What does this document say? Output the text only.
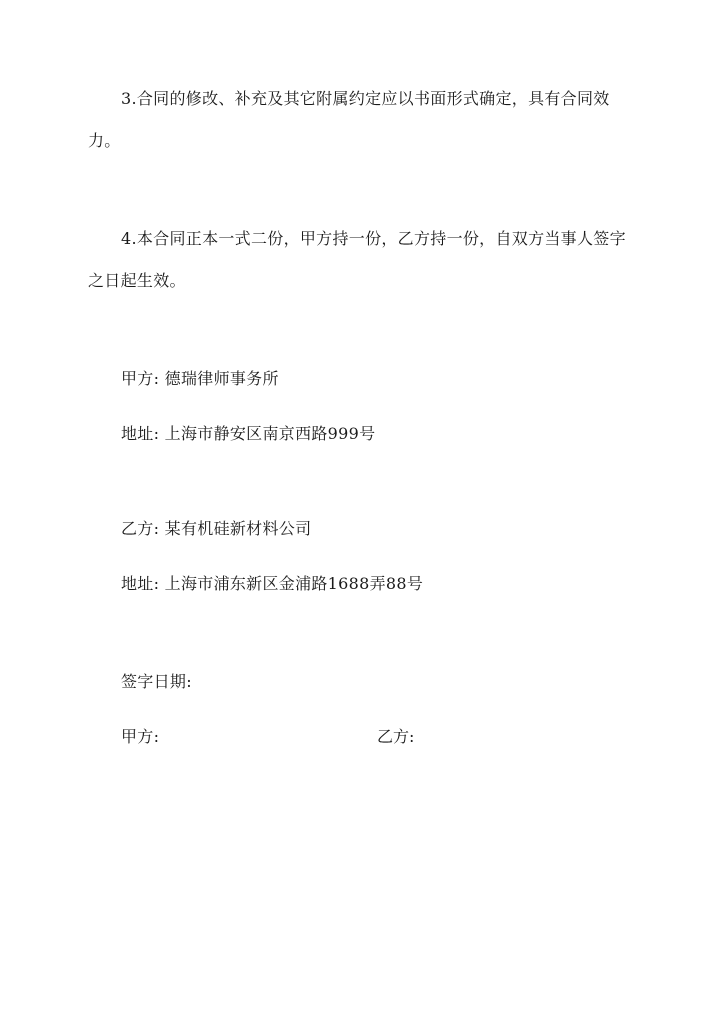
3.合同的修改、补充及其它附属约定应以书面形式确定，具有合同效力。

4.本合同正本一式二份，甲方持一份，乙方持一份，自双方当事人签字之日起生效。

甲方: 德瑞律师事务所
地址: 上海市静安区南京西路999号
乙方: 某有机硅新材料公司
地址: 上海市浦东新区金浦路1688弄88号
签字日期:
甲方:	乙方:
